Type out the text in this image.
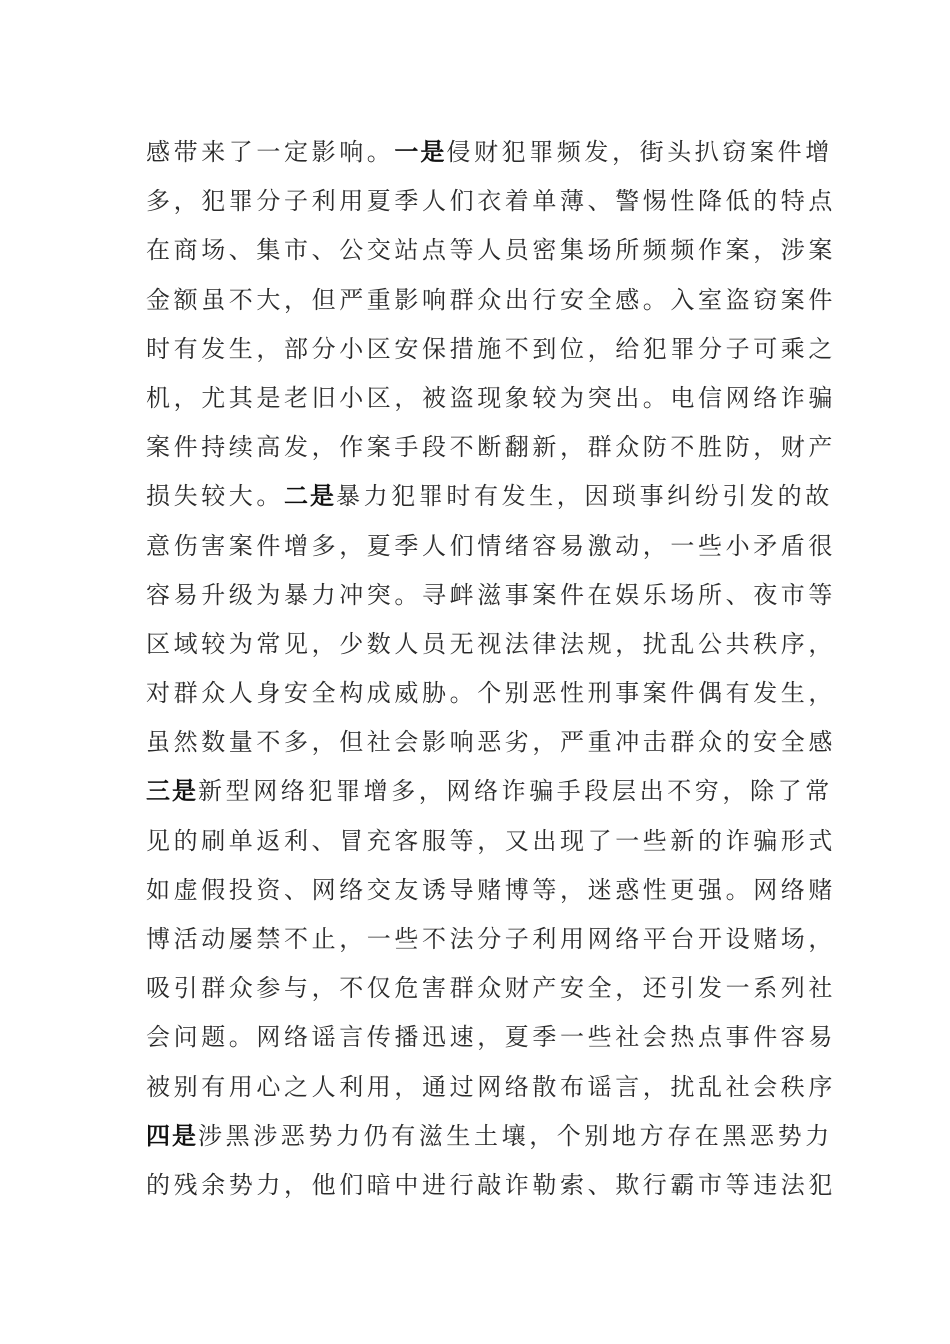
感带来了一定影响。一是侵财犯罪频发，街头扒窃案件增
多，犯罪分子利用夏季人们衣着单薄、警惕性降低的特点
在商场、集市、公交站点等人员密集场所频频作案，涉案
金额虽不大，但严重影响群众出行安全感。入室盗窃案件
时有发生，部分小区安保措施不到位，给犯罪分子可乘之
机，尤其是老旧小区，被盗现象较为突出。电信网络诈骗
案件持续高发，作案手段不断翻新，群众防不胜防，财产
损失较大。二是暴力犯罪时有发生，因琐事纠纷引发的故
意伤害案件增多，夏季人们情绪容易激动，一些小矛盾很
容易升级为暴力冲突。寻衅滋事案件在娱乐场所、夜市等
区域较为常见，少数人员无视法律法规，扰乱公共秩序，
对群众人身安全构成威胁。个别恶性刑事案件偶有发生，
虽然数量不多，但社会影响恶劣，严重冲击群众的安全感
三是新型网络犯罪增多，网络诈骗手段层出不穷，除了常
见的刷单返利、冒充客服等，又出现了一些新的诈骗形式
如虚假投资、网络交友诱导赌博等，迷惑性更强。网络赌
博活动屡禁不止，一些不法分子利用网络平台开设赌场，
吸引群众参与，不仅危害群众财产安全，还引发一系列社
会问题。网络谣言传播迅速，夏季一些社会热点事件容易
被别有用心之人利用，通过网络散布谣言，扰乱社会秩序
四是涉黑涉恶势力仍有滋生土壤，个别地方存在黑恶势力
的残余势力，他们暗中进行敲诈勒索、欺行霸市等违法犯
